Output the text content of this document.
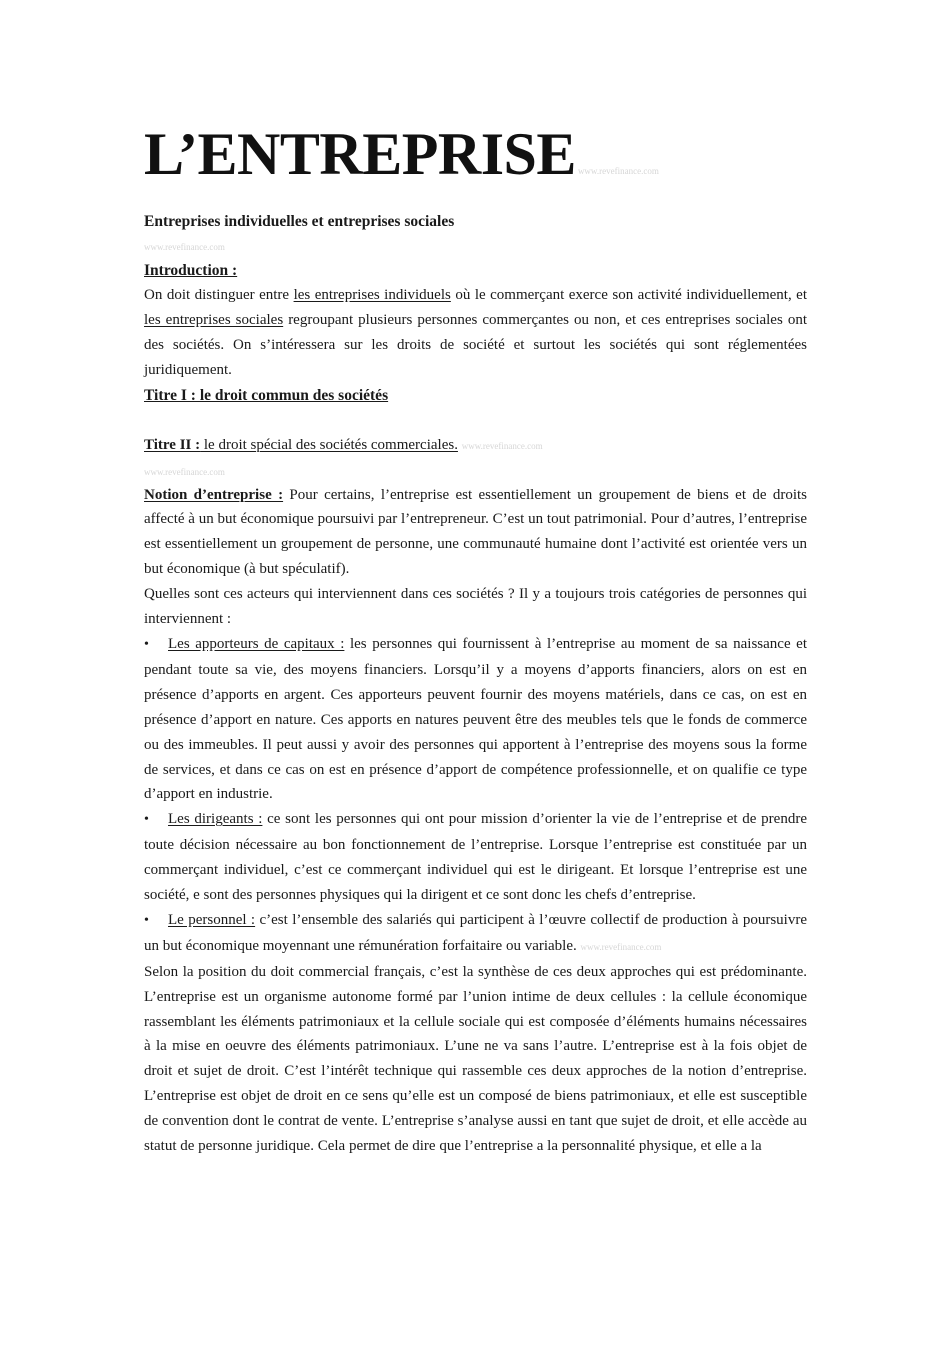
L’ENTREPRISE www.revefinance.com
Entreprises individuelles et entreprises sociales
www.revefinance.com
Introduction :

On doit distinguer entre les entreprises individuels où le commerçant exerce son activité individuellement, et les entreprises sociales regroupant plusieurs personnes commerçantes ou non, et ces entreprises sociales ont des sociétés. On s’intéressera sur les droits de société et surtout les sociétés qui sont réglementées juridiquement.

Titre I : le droit commun des sociétés

Titre II : le droit spécial des sociétés commerciales. www.revefinance.com

www.revefinance.com

Notion d’entreprise : Pour certains, l’entreprise est essentiellement un groupement de biens et de droits affecté à un but économique poursuivi par l’entrepreneur. C’est un tout patrimonial. Pour d’autres, l’entreprise est essentiellement un groupement de personne, une communauté humaine dont l’activité est orientée vers un but économique (à but spéculatif).

Quelles sont ces acteurs qui interviennent dans ces sociétés ? Il y a toujours trois catégories de personnes qui interviennent :

• Les apporteurs de capitaux : les personnes qui fournissent à l’entreprise au moment de sa naissance et pendant toute sa vie, des moyens financiers. Lorsqu’il y a moyens d’apports financiers, alors on est en présence d’apports en argent. Ces apporteurs peuvent fournir des moyens matériels, dans ce cas, on est en présence d’apport en nature. Ces apports en natures peuvent être des meubles tels que le fonds de commerce ou des immeubles. Il peut aussi y avoir des personnes qui apportent à l’entreprise des moyens sous la forme de services, et dans ce cas on est en présence d’apport de compétence professionnelle, et on qualifie ce type d’apport en industrie.

• Les dirigeants : ce sont les personnes qui ont pour mission d’orienter la vie de l’entreprise et de prendre toute décision nécessaire au bon fonctionnement de l’entreprise. Lorsque l’entreprise est constituée par un commerçant individuel, c’est ce commerçant individuel qui est le dirigeant. Et lorsque l’entreprise est une société, e sont des personnes physiques qui la dirigent et ce sont donc les chefs d’entreprise.

• Le personnel : c’est l’ensemble des salariés qui participent à l’œuvre collectif de production à poursuivre un but économique moyennant une rémunération forfaitaire ou variable. www.revefinance.com

Selon la position du doit commercial français, c’est la synthèse de ces deux approches qui est prédominante. L’entreprise est un organisme autonome formé par l’union intime de deux cellules : la cellule économique rassemblant les éléments patrimoniaux et la cellule sociale qui est composée d’éléments humains nécessaires à la mise en oeuvre des éléments patrimoniaux. L’une ne va sans l’autre. L’entreprise est à la fois objet de droit et sujet de droit. C’est l’intérêt technique qui rassemble ces deux approches de la notion d’entreprise. L’entreprise est objet de droit en ce sens qu’elle est un composé de biens patrimoniaux, et elle est susceptible de convention dont le contrat de vente. L’entreprise s’analyse aussi en tant que sujet de droit, et elle accède au statut de personne juridique. Cela permet de dire que l’entreprise a la personnalité physique, et elle a la
